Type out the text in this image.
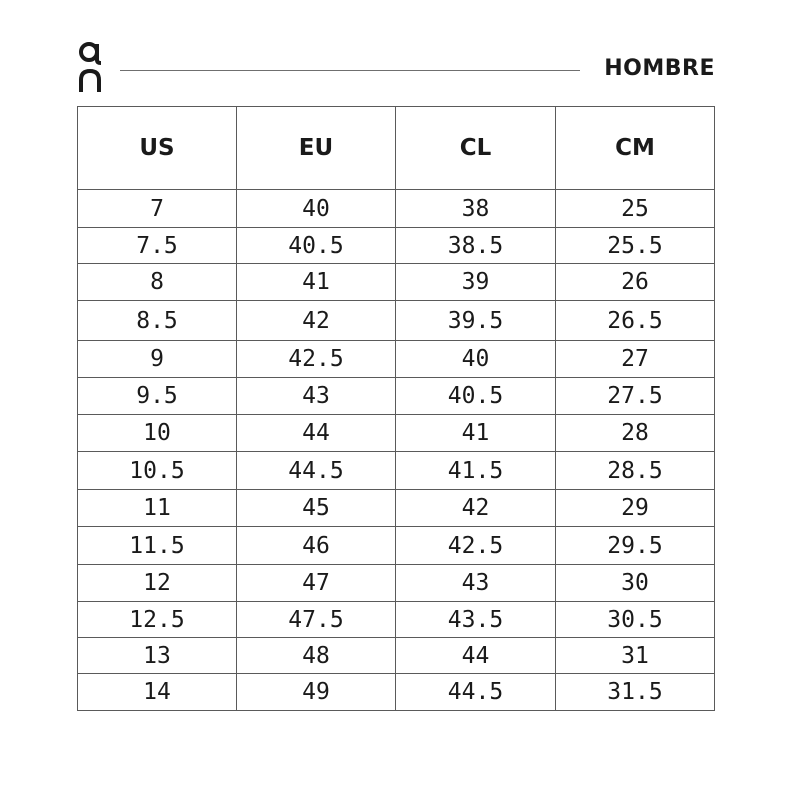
HOMBRE
US	EU	CL	CM
7	40	38	25
7.5	40.5	38.5	25.5
8	41	39	26
8.5	42	39.5	26.5
9	42.5	40	27
9.5	43	40.5	27.5
10	44	41	28
10.5	44.5	41.5	28.5
11	45	42	29
11.5	46	42.5	29.5
12	47	43	30
12.5	47.5	43.5	30.5
13	48	44	31
14	49	44.5	31.5
